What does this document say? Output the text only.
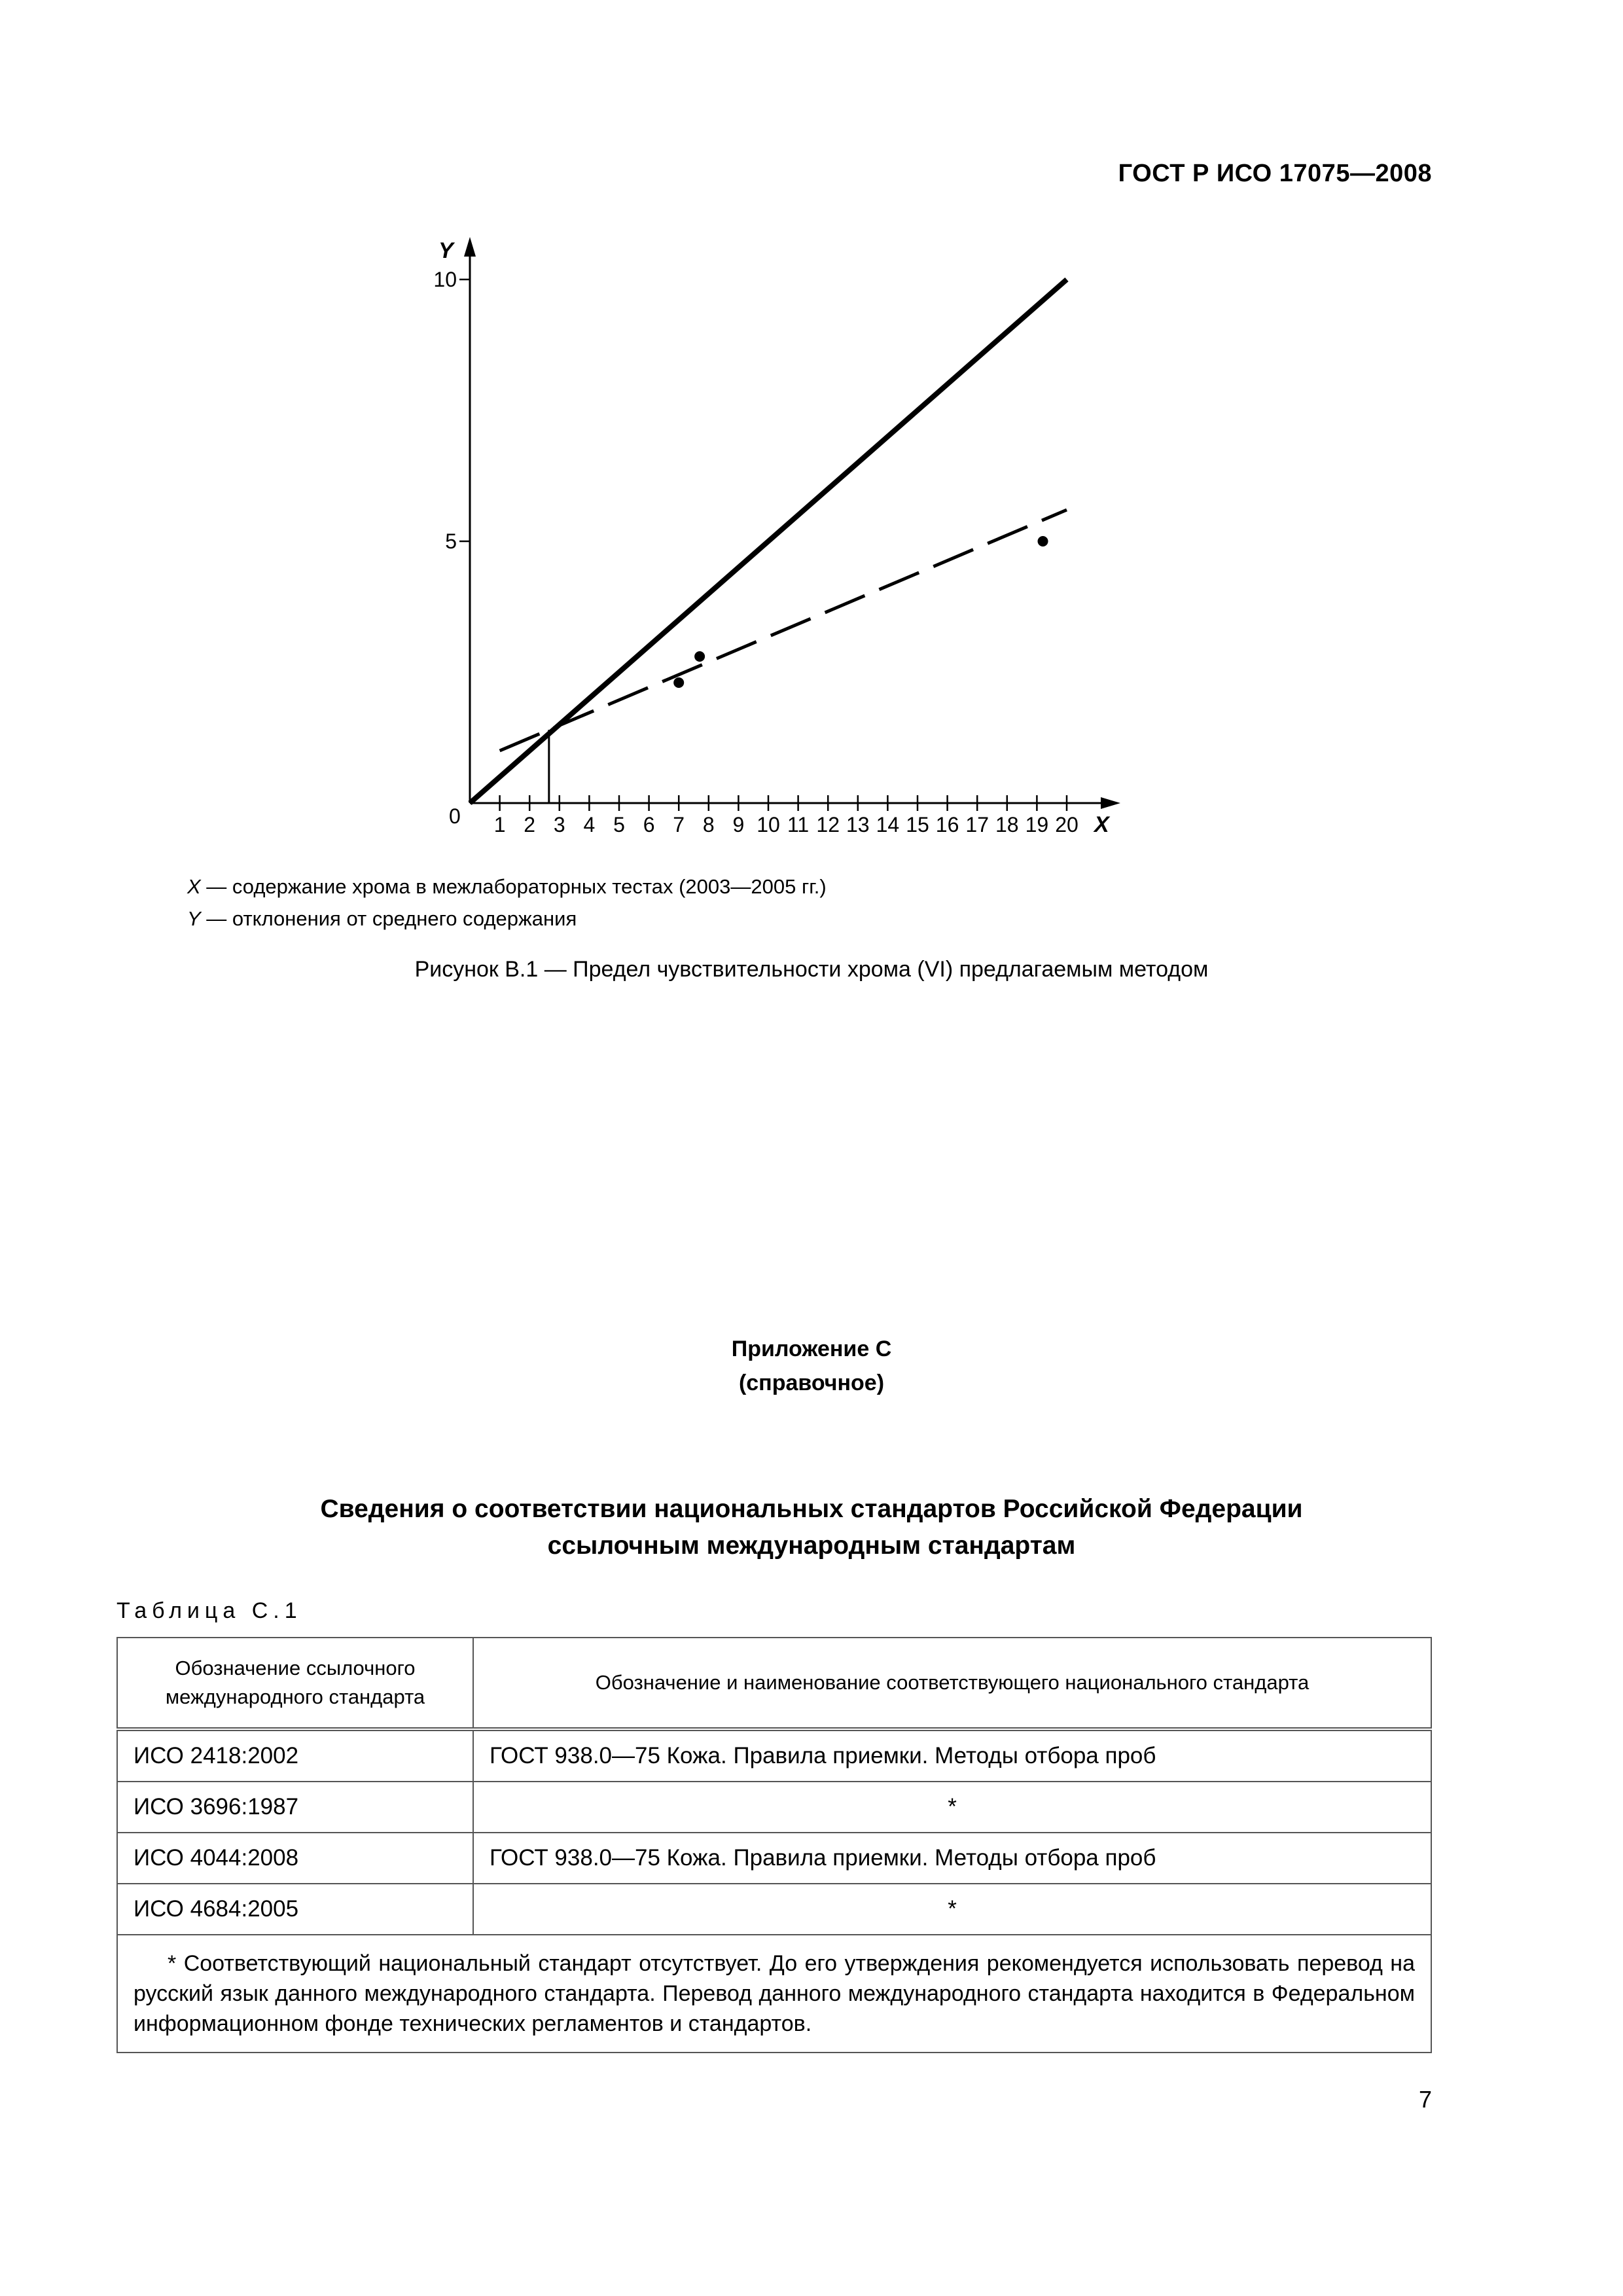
ГОСТ Р ИСО 17075—2008
Y
X
0 1 2 3 4 5 6 7 8 9 10 11 12 13 14 15 16 17 18 19 20
5
10
X — содержание хрома в межлабораторных тестах (2003—2005 гг.)
Y — отклонения от среднего содержания
Рисунок В.1 — Предел чувствительности хрома (VI) предлагаемым методом
Приложение С
(справочное)
Сведения о соответствии национальных стандартов Российской Федерации
ссылочным международным стандартам
Таблица С.1
Обозначение ссылочного международного стандарта	Обозначение и наименование соответствующего национального стандарта
ИСО 2418:2002	ГОСТ 938.0—75 Кожа. Правила приемки. Методы отбора проб
ИСО 3696:1987	*
ИСО 4044:2008	ГОСТ 938.0—75 Кожа. Правила приемки. Методы отбора проб
ИСО 4684:2005	*
* Соответствующий национальный стандарт отсутствует. До его утверждения рекомендуется использовать перевод на русский язык данного международного стандарта. Перевод данного международного стандарта находится в Федеральном информационном фонде технических регламентов и стандартов.	
7
